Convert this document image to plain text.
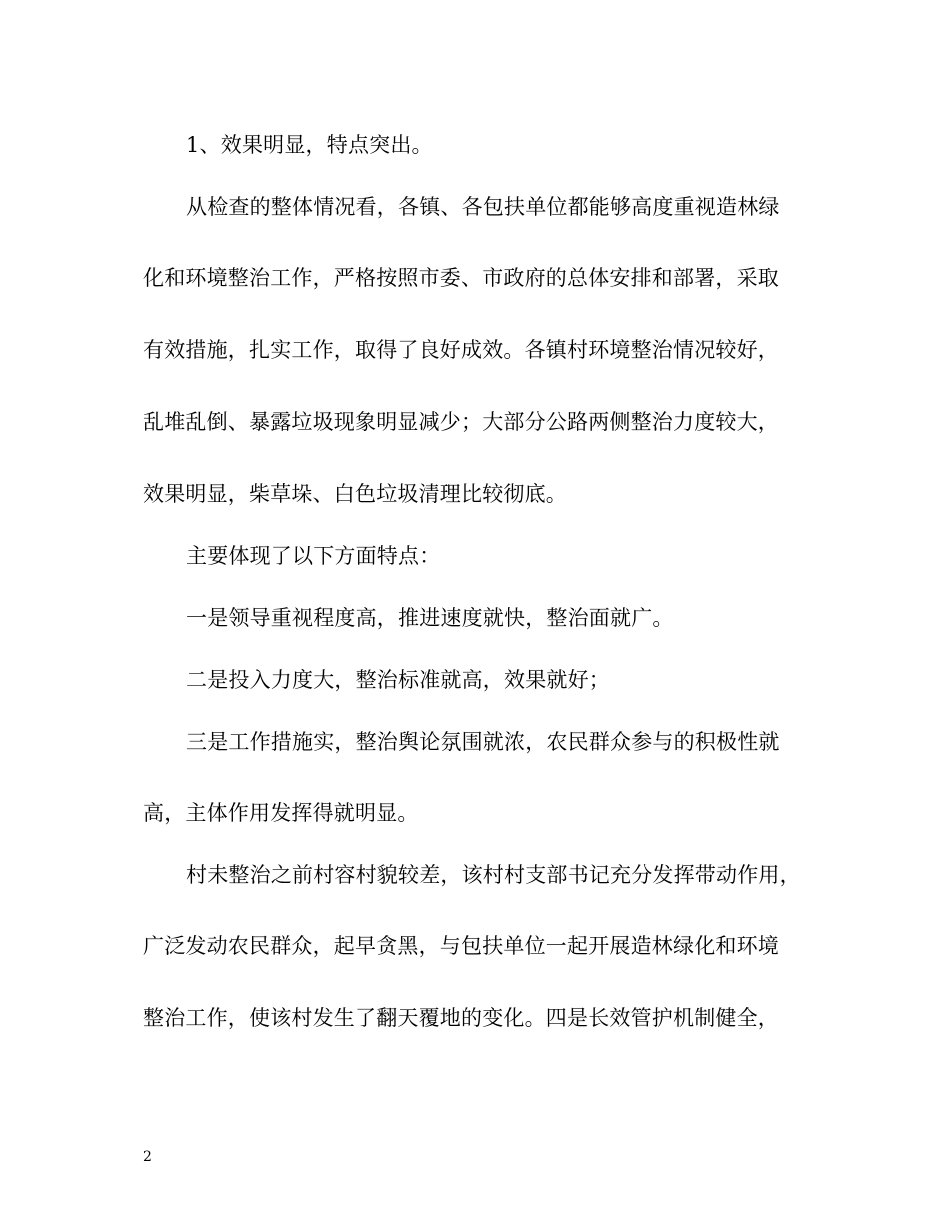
1、效果明显，特点突出。
从检查的整体情况看，各镇、各包扶单位都能够高度重视造林绿
化和环境整治工作，严格按照市委、市政府的总体安排和部署，采取
有效措施，扎实工作，取得了良好成效。各镇村环境整治情况较好，
乱堆乱倒、暴露垃圾现象明显减少；大部分公路两侧整治力度较大，
效果明显，柴草垛、白色垃圾清理比较彻底。
主要体现了以下方面特点：
一是领导重视程度高，推进速度就快，整治面就广。
二是投入力度大，整治标准就高，效果就好；
三是工作措施实，整治舆论氛围就浓，农民群众参与的积极性就
高，主体作用发挥得就明显。
村未整治之前村容村貌较差，该村村支部书记充分发挥带动作用，
广泛发动农民群众，起早贪黑，与包扶单位一起开展造林绿化和环境
整治工作，使该村发生了翻天覆地的变化。四是长效管护机制健全，
2
